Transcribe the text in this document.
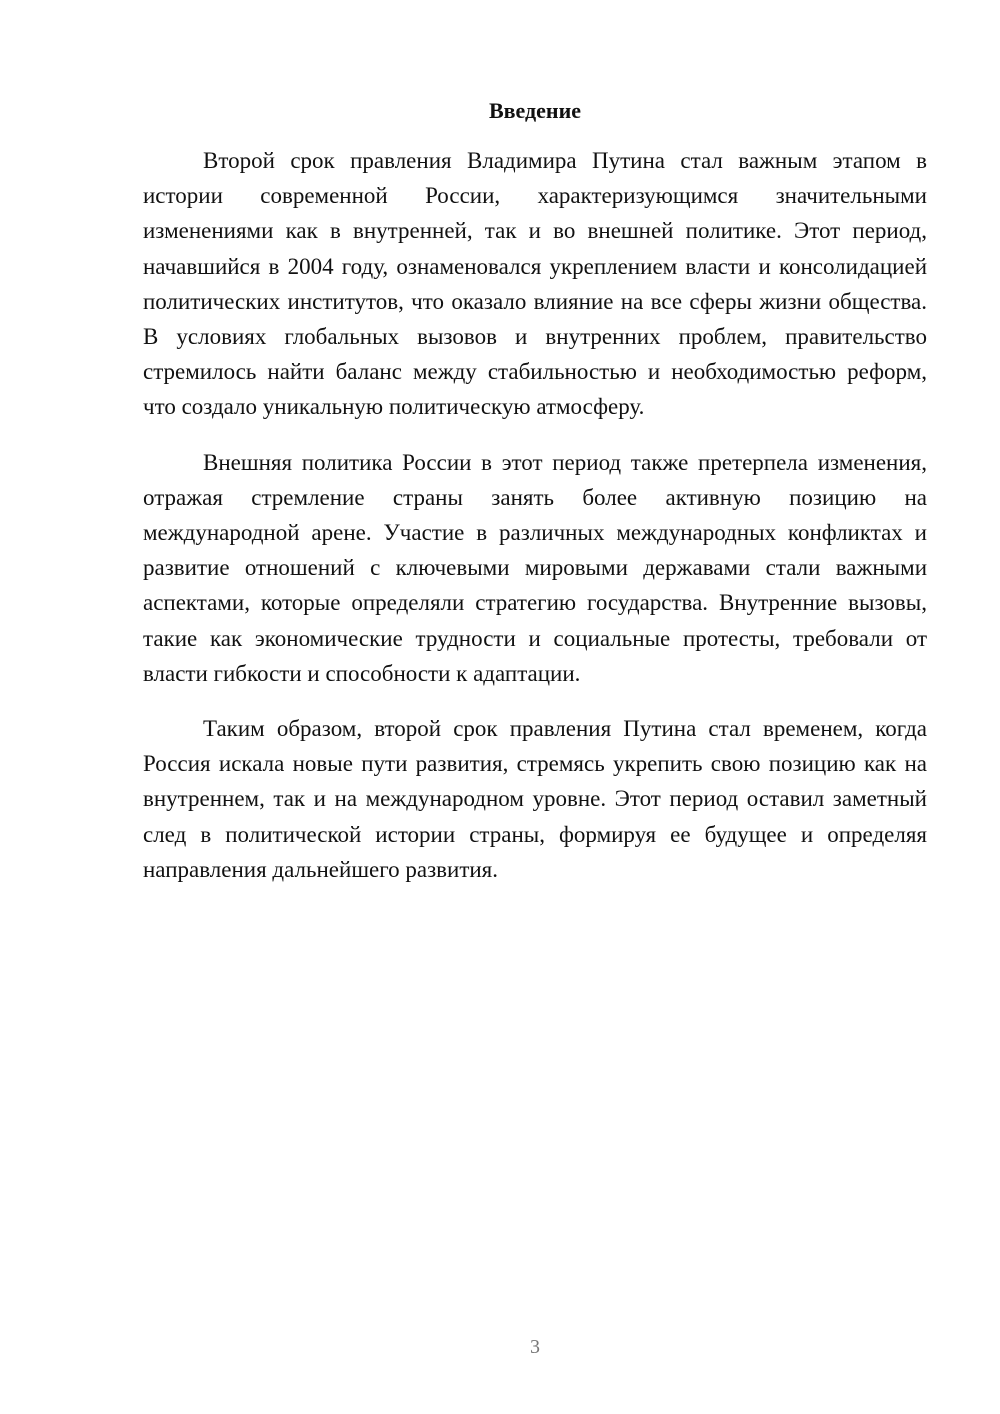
Введение

Второй срок правления Владимира Путина стал важным этапом в истории современной России, характеризующимся значительными изменениями как в внутренней, так и во внешней политике. Этот период, начавшийся в 2004 году, ознаменовался укреплением власти и консолидацией политических институтов, что оказало влияние на все сферы жизни общества. В условиях глобальных вызовов и внутренних проблем, правительство стремилось найти баланс между стабильностью и необходимостью реформ, что создало уникальную политическую атмосферу.

Внешняя политика России в этот период также претерпела изменения, отражая стремление страны занять более активную позицию на международной арене. Участие в различных международных конфликтах и развитие отношений с ключевыми мировыми державами стали важными аспектами, которые определяли стратегию государства. Внутренние вызовы, такие как экономические трудности и социальные протесты, требовали от власти гибкости и способности к адаптации.

Таким образом, второй срок правления Путина стал временем, когда Россия искала новые пути развития, стремясь укрепить свою позицию как на внутреннем, так и на международном уровне. Этот период оставил заметный след в политической истории страны, формируя ее будущее и определяя направления дальнейшего развития.

3
